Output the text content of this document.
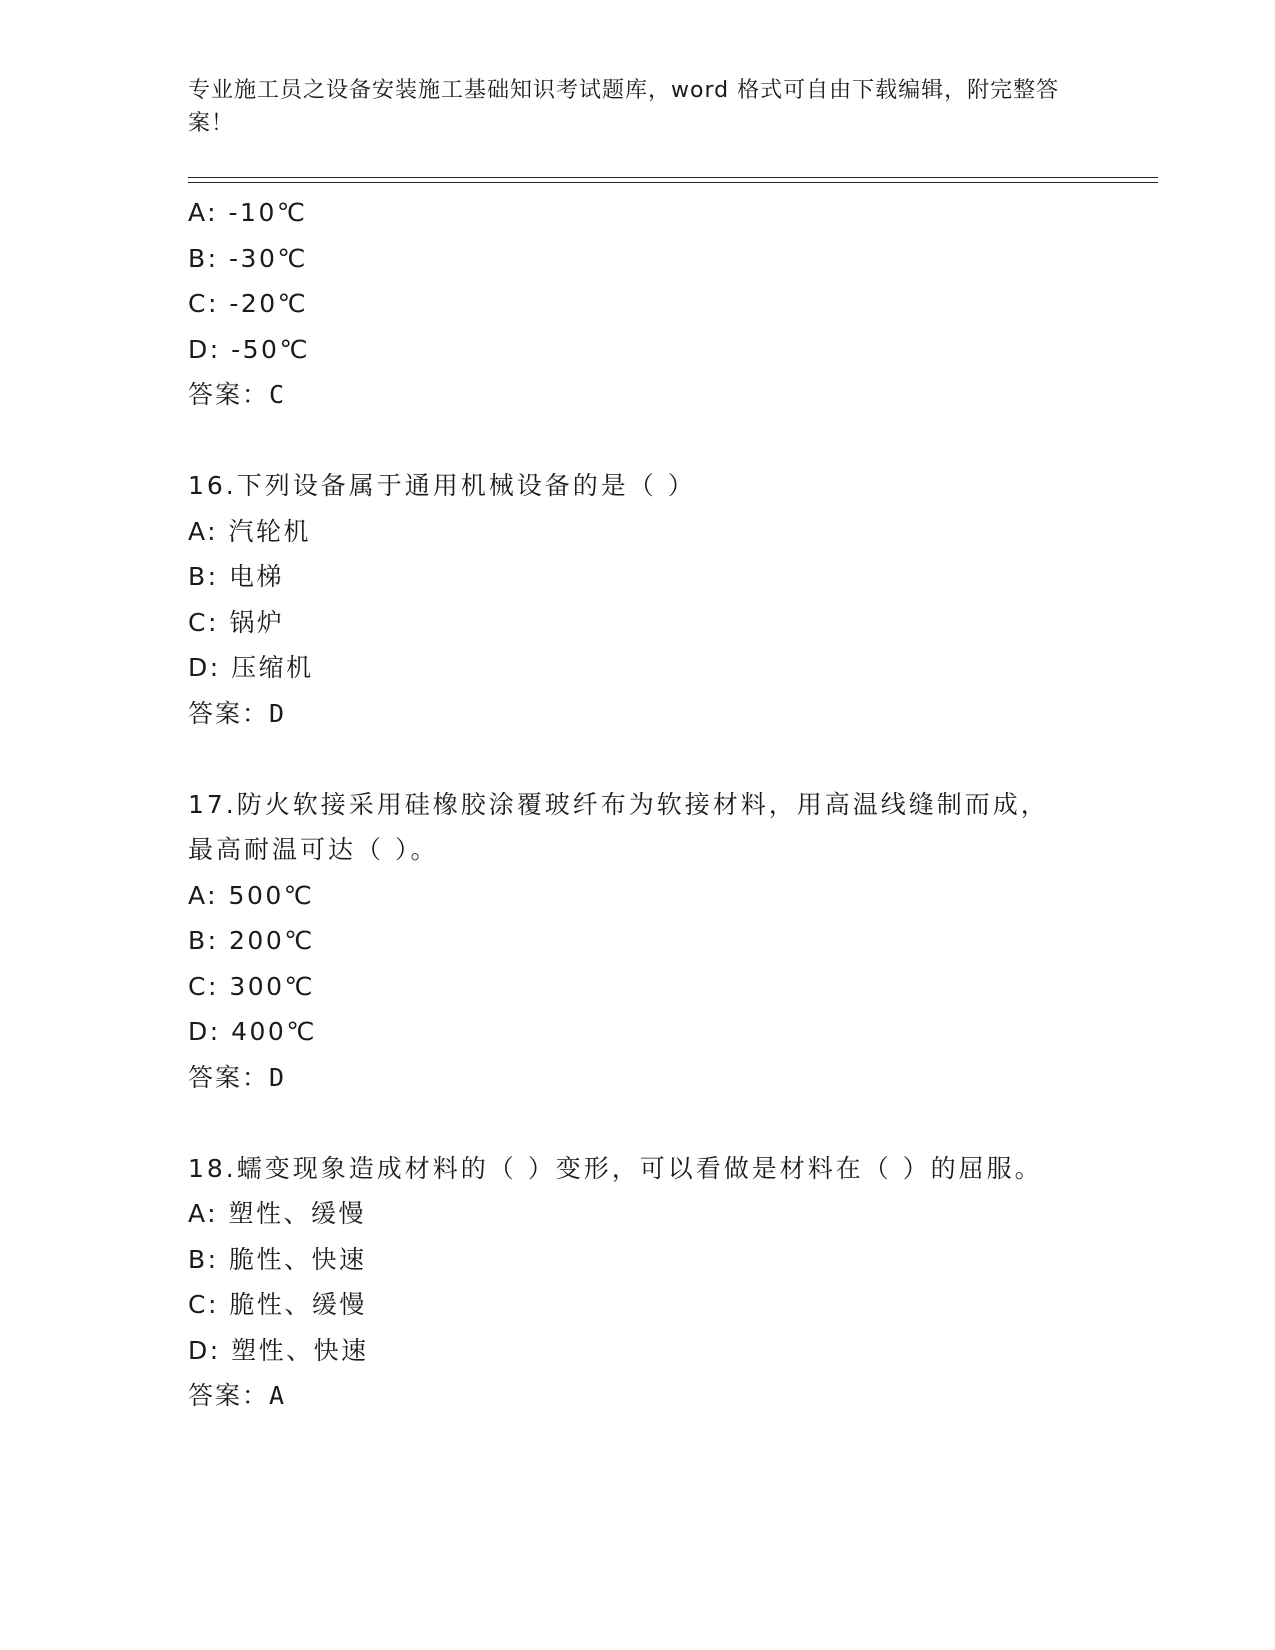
专业施工员之设备安装施工基础知识考试题库，word 格式可自由下载编辑，附完整答案！
A: -10℃
B: -30℃
C: -20℃
D: -50℃
答案：C
16.下列设备属于通用机械设备的是（ ）
A: 汽轮机
B: 电梯
C: 锅炉
D: 压缩机
答案：D
17.防火软接采用硅橡胶涂覆玻纤布为软接材料，用高温线缝制而成，
最高耐温可达（ ）。
A: 500℃
B: 200℃
C: 300℃
D: 400℃
答案：D
18.蠕变现象造成材料的（ ）变形，可以看做是材料在（ ）的屈服。
A: 塑性、缓慢
B: 脆性、快速
C: 脆性、缓慢
D: 塑性、快速
答案：A
